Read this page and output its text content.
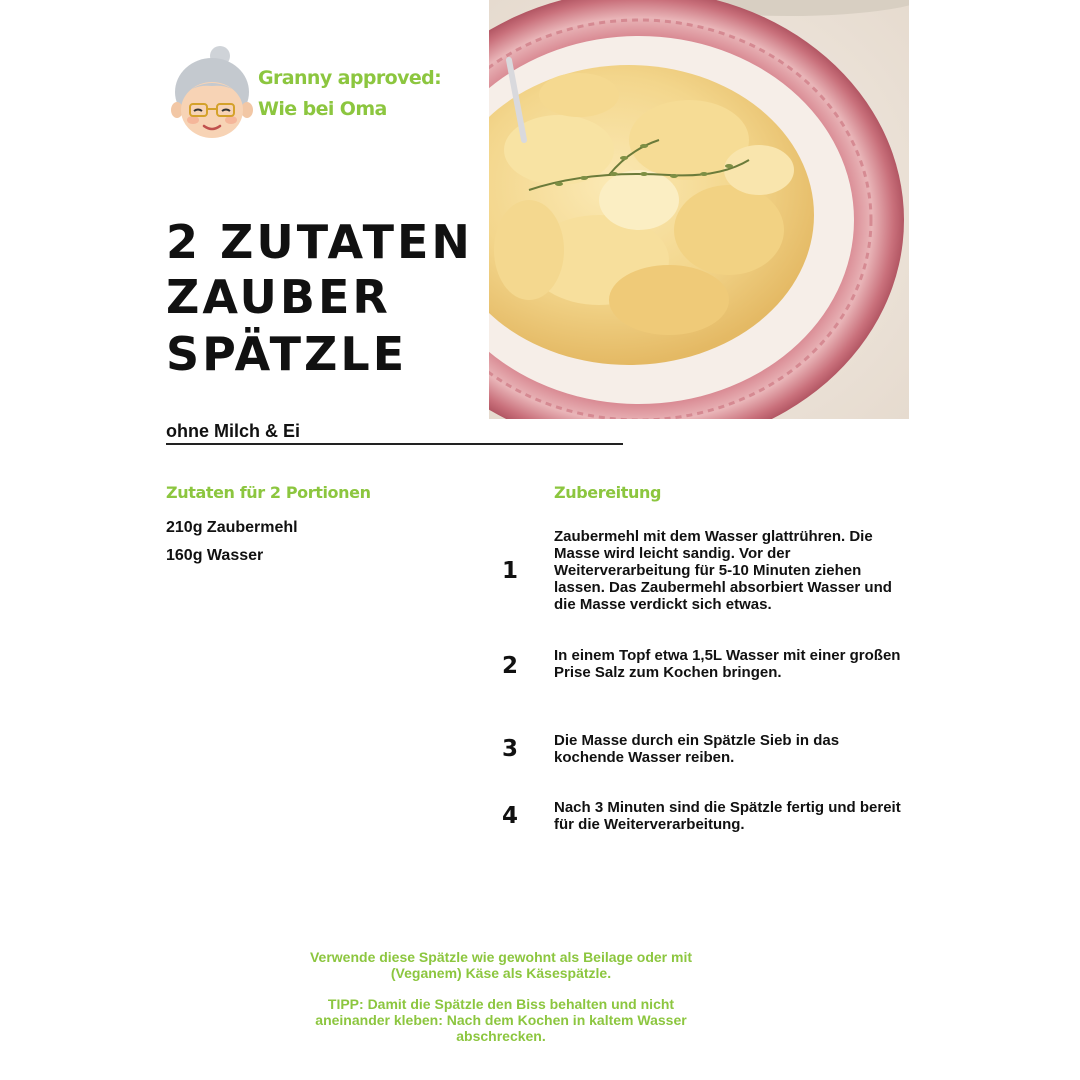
Granny approved:
Wie bei Oma
2 ZUTATEN
ZAUBER
SPÄTZLE
ohne Milch & Ei
Zutaten für 2 Portionen
210g Zaubermehl
160g Wasser
Zubereitung
1
Zaubermehl mit dem Wasser glattrühren. Die Masse wird leicht sandig. Vor der Weiterverarbeitung für 5-10 Minuten ziehen lassen. Das Zaubermehl absorbiert Wasser und die Masse verdickt sich etwas.
2 In einem Topf etwa 1,5L Wasser mit einer großen Prise Salz zum Kochen bringen.
3 Die Masse durch ein Spätzle Sieb in das kochende Wasser reiben.
4 Nach 3 Minuten sind die Spätzle fertig und bereit für die Weiterverarbeitung.
Verwende diese Spätzle wie gewohnt als Beilage oder mit (Veganem) Käse als Käsespätzle.
TIPP: Damit die Spätzle den Biss behalten und nicht aneinander kleben: Nach dem Kochen in kaltem Wasser abschrecken.
